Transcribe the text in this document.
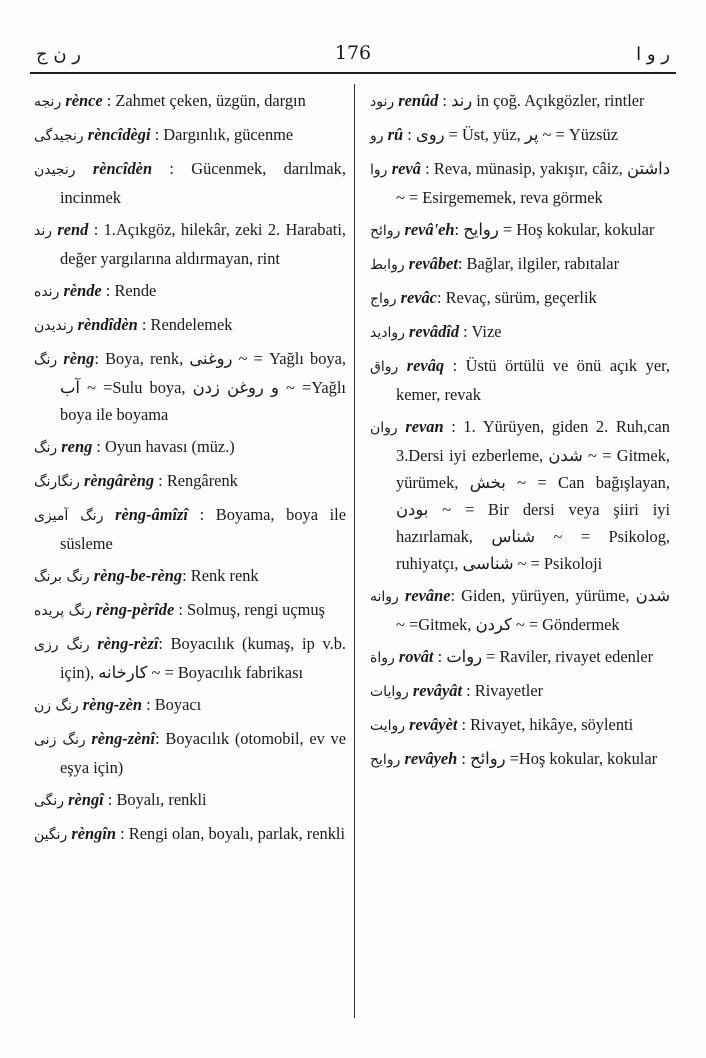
ر ن ج	176	ر و ا

رنجه rènce : Zahmet çeken, üzgün, dargın

رنجیدگی rèncîdègi : Dargınlık, gücenme

رنجیدن rèncîdèn : Gücenmek, darılmak, incinmek

رند rend : 1.Açıkgöz, hilekâr, zeki 2. Harabati, değer yargılarına aldırmayan, rint

رنده rènde : Rende

رندیدن rèndîdèn : Rendelemek

رنگ rèng: Boya, renk, روغنی ~ = Yağlı boya, آب ~ =Sulu boya, و روغن زدن ~ =Yağlı boya ile boyama

رنگ reng : Oyun havası (müz.)

رنگارنگ rèngârèng : Rengârenk

رنگ آمیزی rèng-âmîzî : Boyama, boya ile süsleme

رنگ برنگ rèng-be-rèng: Renk renk

رنگ پریده rèng-pèrîde : Solmuş, rengi uçmuş

رنگ رزی rèng-rèzî: Boyacılık (kumaş, ip v.b. için), کارخانه ~ = Boyacılık fabrikası

رنگ زن rèng-zèn : Boyacı

رنگ زنی rèng-zènî: Boyacılık (otomobil, ev ve eşya için)

رنگی rèngî : Boyalı, renkli

رنگین rèngîn : Rengi olan, boyalı, parlak, renkli

رنود renûd : رند in çoğ. Açıkgözler, rintler

رو rû : روی = Üst, yüz, پر ~ = Yüzsüz

روا revâ : Reva, münasip, yakışır, câiz, داشتن ~ = Esirgememek, reva görmek

روائح revâ'eh: روایح = Hoş kokular, kokular

روابط revâbet: Bağlar, ilgiler, rabıtalar

رواج revâc: Revaç, sürüm, geçerlik

روادید revâdîd : Vize

رواق revâq : Üstü örtülü ve önü açık yer, kemer, revak

روان revan : 1. Yürüyen, giden 2. Ruh,can 3.Dersi iyi ezberleme, شدن ~ = Gitmek, yürümek, بخش ~ = Can bağışlayan, بودن ~ = Bir dersi veya şiiri iyi hazırlamak, شناس ~ = Psikolog, ruhiyatçı, شناسی ~ = Psikoloji

روانه revâne: Giden, yürüyen, yürüme, شدن ~ =Gitmek, کردن ~ = Göndermek

رواة rovât : روات = Raviler, rivayet edenler

روایات revâyât : Rivayetler

روایت revâyèt : Rivayet, hikâye, söylenti

روایح revâyeh : روائح =Hoş kokular, kokular
